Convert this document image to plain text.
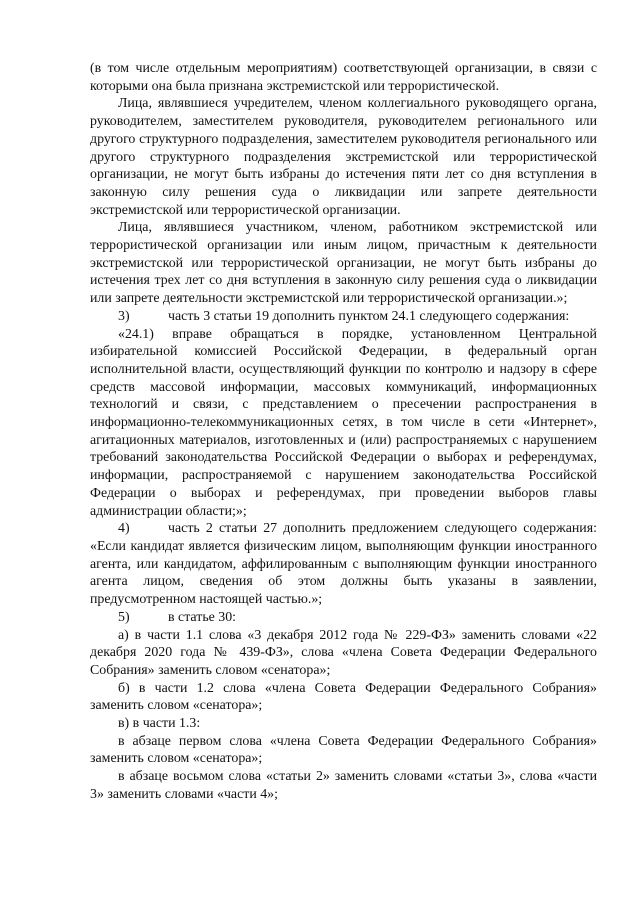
(в том числе отдельным мероприятиям) соответствующей организации, в связи с которыми она была признана экстремистской или террористической.

Лица, являвшиеся учредителем, членом коллегиального руководящего органа, руководителем, заместителем руководителя, руководителем регионального или другого структурного подразделения, заместителем руководителя регионального или другого структурного подразделения экстремистской или террористической организации, не могут быть избраны до истечения пяти лет со дня вступления в законную силу решения суда о ликвидации или запрете деятельности экстремистской или террористической организации.

Лица, являвшиеся участником, членом, работником экстремистской или террористической организации или иным лицом, причастным к деятельности экстремистской или террористической организации, не могут быть избраны до истечения трех лет со дня вступления в законную силу решения суда о ликвидации или запрете деятельности экстремистской или террористической организации.»;

3)	часть 3 статьи 19 дополнить пунктом 24.1 следующего содержания:

«24.1) вправе обращаться в порядке, установленном Центральной избирательной комиссией Российской Федерации, в федеральный орган исполнительной власти, осуществляющий функции по контролю и надзору в сфере средств массовой информации, массовых коммуникаций, информационных технологий и связи, с представлением о пресечении распространения в информационно-телекоммуникационных сетях, в том числе в сети «Интернет», агитационных материалов, изготовленных и (или) распространяемых с нарушением требований законодательства Российской Федерации о выборах и референдумах, информации, распространяемой с нарушением законодательства Российской Федерации о выборах и референдумах, при проведении выборов главы администрации области;»;

4)	часть 2 статьи 27 дополнить предложением следующего содержания: «Если кандидат является физическим лицом, выполняющим функции иностранного агента, или кандидатом, аффилированным с выполняющим функции иностранного агента лицом, сведения об этом должны быть указаны в заявлении, предусмотренном настоящей частью.»;

5)	в статье 30:

а) в части 1.1 слова «3 декабря 2012 года № 229-ФЗ» заменить словами «22 декабря 2020 года № 439-ФЗ», слова «члена Совета Федерации Федерального Собрания» заменить словом «сенатора»;

б) в части 1.2 слова «члена Совета Федерации Федерального Собрания» заменить словом «сенатора»;

в) в части 1.3:

в абзаце первом слова «члена Совета Федерации Федерального Собрания» заменить словом «сенатора»;

в абзаце восьмом слова «статьи 2» заменить словами «статьи 3», слова «части 3» заменить словами «части 4»;
